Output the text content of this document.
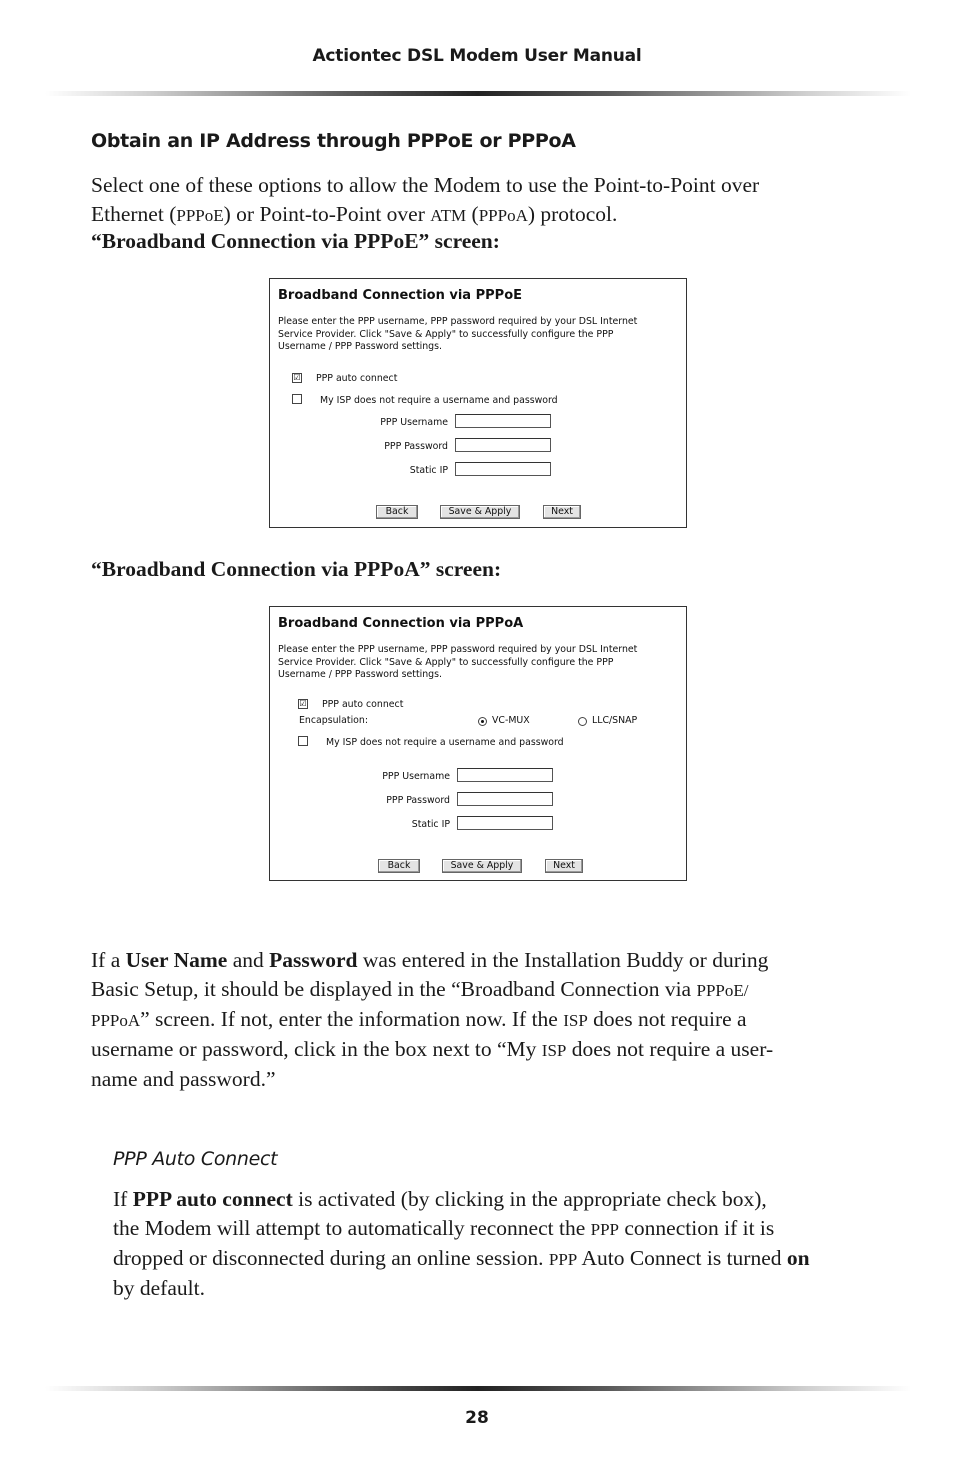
Actiontec DSL Modem User Manual
Obtain an IP Address through PPPoE or PPPoA
Select one of these options to allow the Modem to use the Point-to-Point over
Ethernet (PPPoE) or Point-to-Point over ATM (PPPoA) protocol.
“Broadband Connection via PPPoE” screen:
Broadband Connection via PPPoE
Please enter the PPP username, PPP password required by your DSL Internet
Service Provider. Click "Save & Apply" to successfully configure the PPP
Username / PPP Password settings.
☑ PPP auto connect
My ISP does not require a username and password
PPP Username
PPP Password
Static IP
Back	Save & Apply	Next
“Broadband Connection via PPPoA” screen:
Broadband Connection via PPPoA
Please enter the PPP username, PPP password required by your DSL Internet
Service Provider. Click "Save & Apply" to successfully configure the PPP
Username / PPP Password settings.
☑ PPP auto connect
Encapsulation:	VC-MUX	LLC/SNAP
My ISP does not require a username and password
PPP Username
PPP Password
Static IP
Back	Save & Apply	Next
If a User Name and Password was entered in the Installation Buddy or during
Basic Setup, it should be displayed in the “Broadband Connection via PPPoE/
PPPoA” screen. If not, enter the information now. If the ISP does not require a
username or password, click in the box next to “My ISP does not require a user-
name and password.”
PPP Auto Connect
If PPP auto connect is activated (by clicking in the appropriate check box),
the Modem will attempt to automatically reconnect the PPP connection if it is
dropped or disconnected during an online session. PPP Auto Connect is turned on
by default.
28
